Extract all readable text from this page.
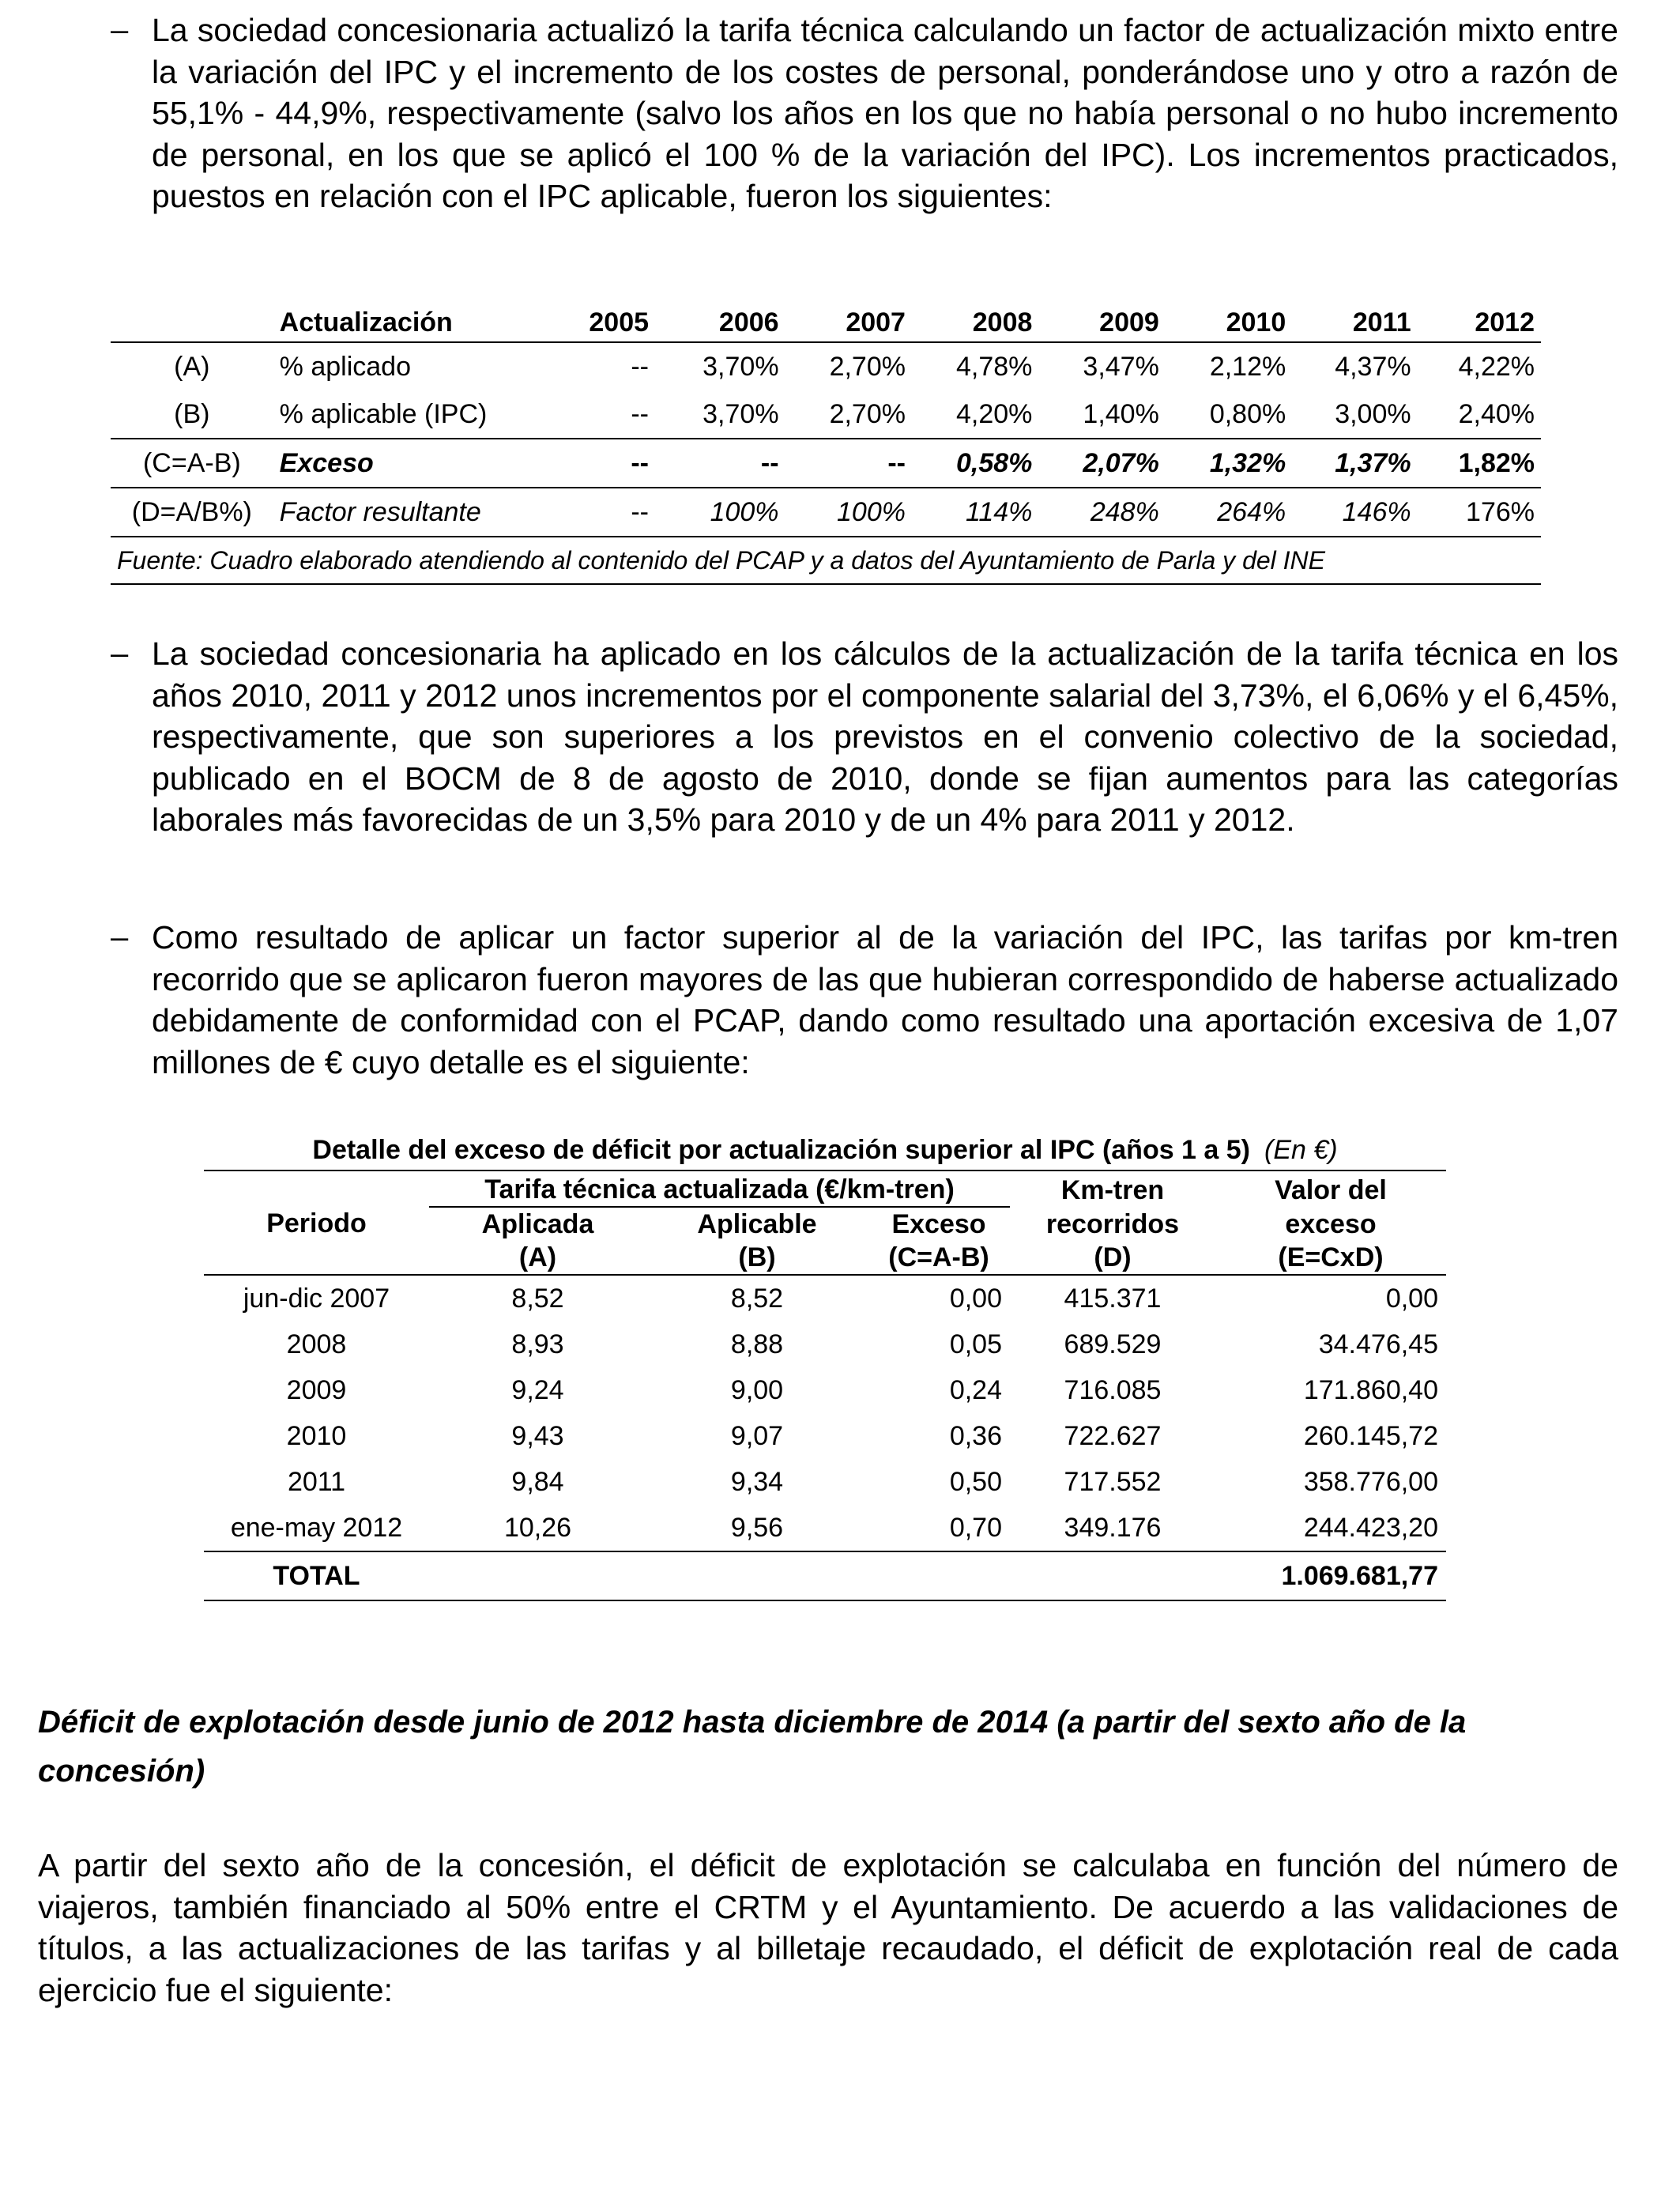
– La sociedad concesionaria actualizó la tarifa técnica calculando un factor de actualización mixto entre la variación del IPC y el incremento de los costes de personal, ponderándose uno y otro a razón de 55,1% - 44,9%, respectivamente (salvo los años en los que no había personal o no hubo incremento de personal, en los que se aplicó el 100 % de la variación del IPC). Los incrementos practicados, puestos en relación con el IPC aplicable, fueron los siguientes:
	Actualización	2005	2006	2007	2008	2009	2010	2011	2012
(A)	% aplicado	--	3,70%	2,70%	4,78%	3,47%	2,12%	4,37%	4,22%
(B)	% aplicable (IPC)	--	3,70%	2,70%	4,20%	1,40%	0,80%	3,00%	2,40%
(C=A-B)	Exceso	--	--	--	0,58%	2,07%	1,32%	1,37%	1,82%
(D=A/B%)	Factor resultante	--	100%	100%	114%	248%	264%	146%	176%
Fuente: Cuadro elaborado atendiendo al contenido del PCAP y a datos del Ayuntamiento de Parla y del INE									
– La sociedad concesionaria ha aplicado en los cálculos de la actualización de la tarifa técnica en los años 2010, 2011 y 2012 unos incrementos por el componente salarial del 3,73%, el 6,06% y el 6,45%, respectivamente, que son superiores a los previstos en el convenio colectivo de la sociedad, publicado en el BOCM de 8 de agosto de 2010, donde se fijan aumentos para las categorías laborales más favorecidas de un 3,5% para 2010 y de un 4% para 2011 y 2012.
– Como resultado de aplicar un factor superior al de la variación del IPC, las tarifas por km-tren recorrido que se aplicaron fueron mayores de las que hubieran correspondido de haberse actualizado debidamente de conformidad con el PCAP, dando como resultado una aportación excesiva de 1,07 millones de € cuyo detalle es el siguiente:
Detalle del exceso de déficit por actualización superior al IPC (años 1 a 5) (En €)
Periodo	Tarifa técnica actualizada (€/km-tren)			Km-tren	Valor del
	Aplicada	Aplicable	Exceso	recorridos	exceso
	(A)	(B)	(C=A-B)	(D)	(E=CxD)
jun-dic 2007	8,52	8,52	0,00	415.371	0,00
2008	8,93	8,88	0,05	689.529	34.476,45
2009	9,24	9,00	0,24	716.085	171.860,40
2010	9,43	9,07	0,36	722.627	260.145,72
2011	9,84	9,34	0,50	717.552	358.776,00
ene-may 2012	10,26	9,56	0,70	349.176	244.423,20
TOTAL					1.069.681,77
Déficit de explotación desde junio de 2012 hasta diciembre de 2014 (a partir del sexto año de la concesión)
A partir del sexto año de la concesión, el déficit de explotación se calculaba en función del número de viajeros, también financiado al 50% entre el CRTM y el Ayuntamiento. De acuerdo a las validaciones de títulos, a las actualizaciones de las tarifas y al billetaje recaudado, el déficit de explotación real de cada ejercicio fue el siguiente:
